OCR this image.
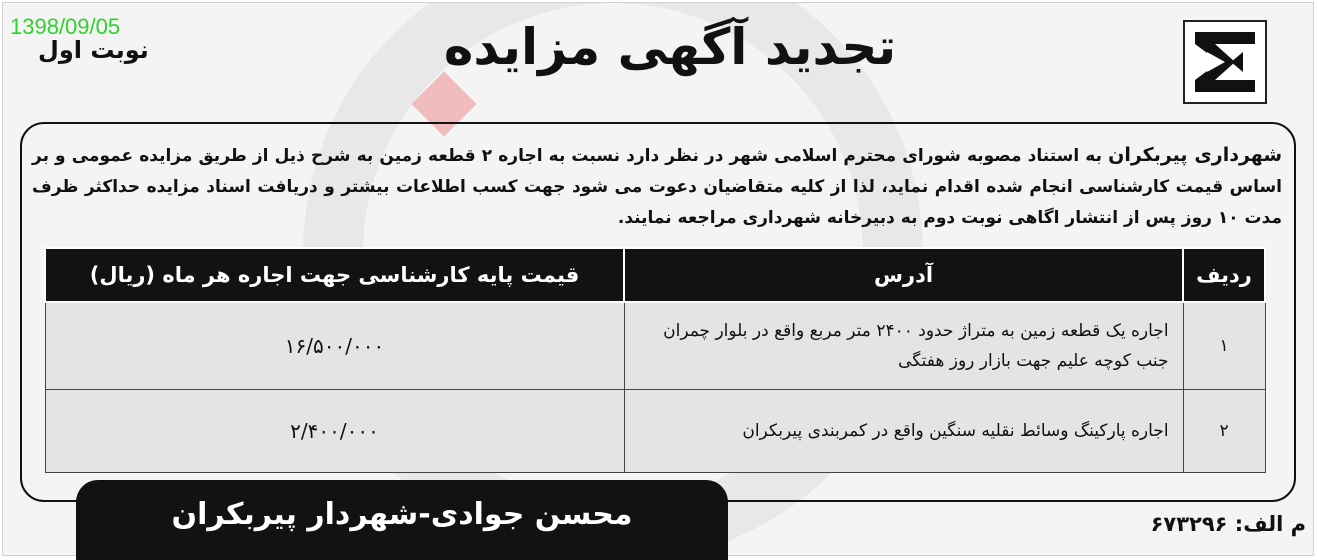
1398/09/05
نوبت اول	تجدید آگهی مزایده
شهرداری پیربکران به استناد مصوبه شورای محترم اسلامی شهر در نظر دارد نسبت به اجاره ۲ قطعه زمین به شرح ذیل از طریق مزایده عمومی و بر اساس قیمت کارشناسی انجام شده اقدام نماید، لذا از کلیه متقاضیان دعوت می شود جهت کسب اطلاعات بیشتر و دریافت اسناد مزایده حداکثر ظرف مدت ۱۰ روز پس از انتشار اگاهی نوبت دوم به دبیرخانه شهرداری مراجعه نمایند.
ردیف	آدرس	قیمت پایه کارشناسی جهت اجاره هر ماه (ریال)
۱	اجاره یک قطعه زمین به متراژ حدود ۲۴۰۰ متر مربع واقع در بلوار چمران جنب کوچه علیم جهت بازار روز هفتگی	۱۶/۵۰۰/۰۰۰
۲	اجاره پارکینگ وسائط نقلیه سنگین واقع در کمربندی پیربکران	۲/۴۰۰/۰۰۰
محسن جوادی-شهردار پیربکران	م الف: ۶۷۳۲۹۶
